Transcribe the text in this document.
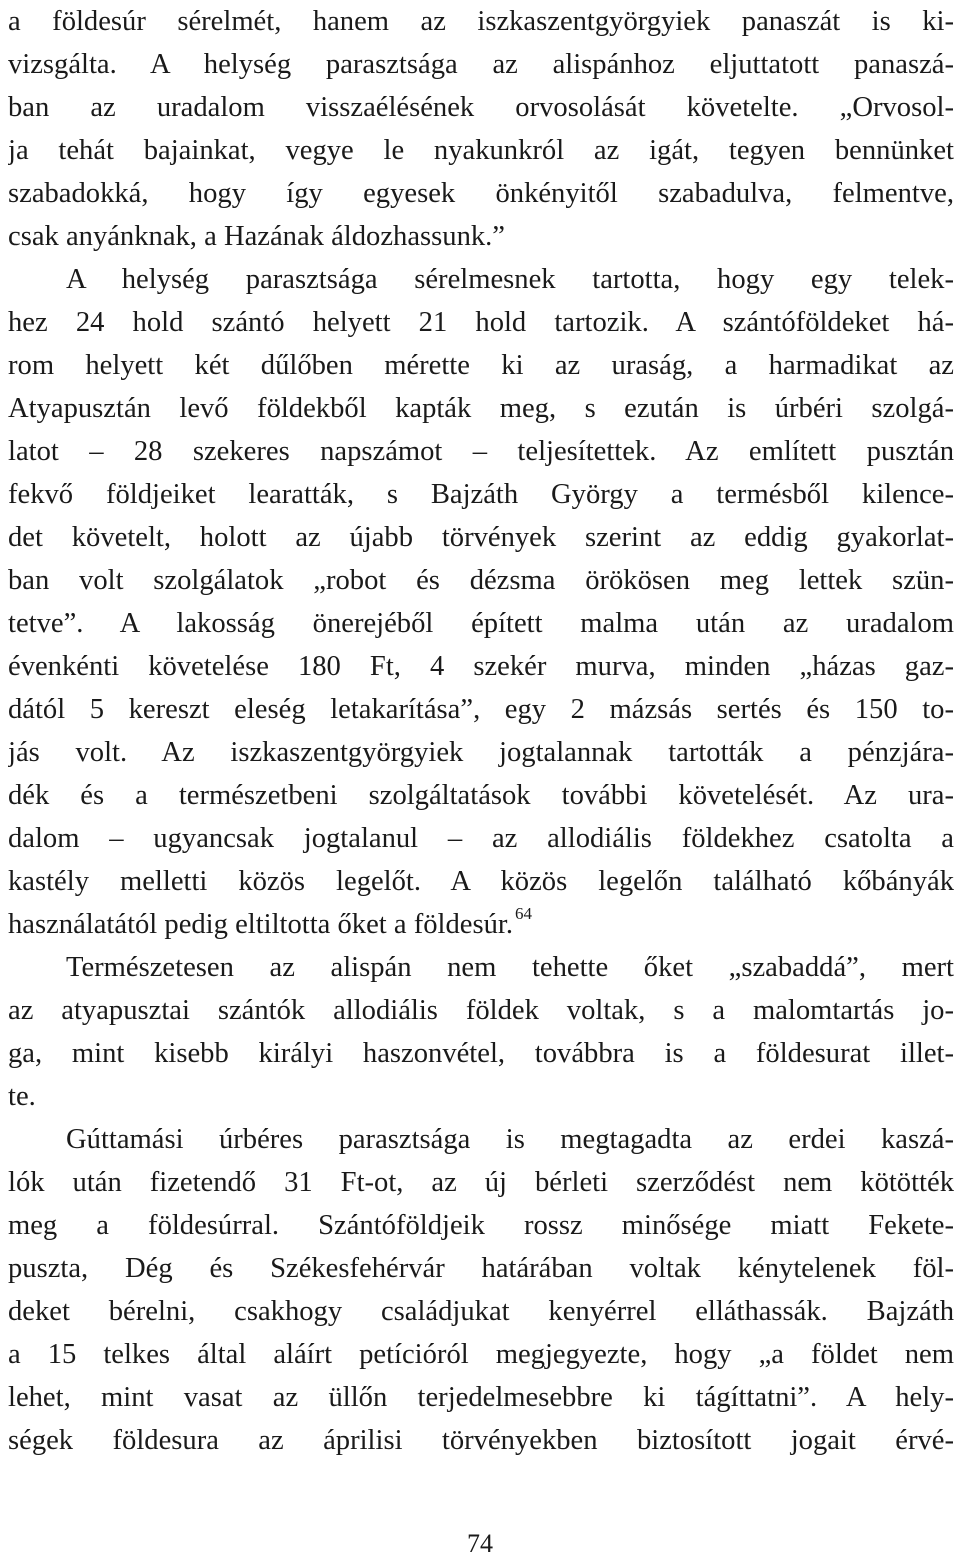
a földesúr sérelmét, hanem az iszkaszentgyörgyiek panaszát is ki-
vizsgálta. A helység parasztsága az alispánhoz eljuttatott panaszá-
ban az uradalom visszaélésének orvosolását követelte. „Orvosol-
ja tehát bajainkat, vegye le nyakunkról az igát, tegyen bennünket
szabadokká, hogy így egyesek önkényitől szabadulva, felmentve,
csak anyánknak, a Hazának áldozhassunk.”
A helység parasztsága sérelmesnek tartotta, hogy egy telek-
hez 24 hold szántó helyett 21 hold tartozik. A szántóföldeket há-
rom helyett két dűlőben mérette ki az uraság, a harmadikat az
Atyapusztán levő földekből kapták meg, s ezután is úrbéri szolgá-
latot – 28 szekeres napszámot – teljesítettek. Az említett pusztán
fekvő földjeiket learatták, s Bajzáth György a termésből kilence-
det követelt, holott az újabb törvények szerint az eddig gyakorlat-
ban volt szolgálatok „robot és dézsma örökösen meg lettek szün-
tetve”. A lakosság önerejéből épített malma után az uradalom
évenkénti követelése 180 Ft, 4 szekér murva, minden „házas gaz-
dától 5 kereszt eleség letakarítása”, egy 2 mázsás sertés és 150 to-
jás volt. Az iszkaszentgyörgyiek jogtalannak tartották a pénzjára-
dék és a természetbeni szolgáltatások további követelését. Az ura-
dalom – ugyancsak jogtalanul – az allodiális földekhez csatolta a
kastély melletti közös legelőt. A közös legelőn található kőbányák
használatától pedig eltiltotta őket a földesúr. $^{64}$
Természetesen az alispán nem tehette őket „szabaddá”, mert
az atyapusztai szántók allodiális földek voltak, s a malomtartás jo-
ga, mint kisebb királyi haszonvétel, továbbra is a földesurat illet-
te.
Gúttamási úrbéres parasztsága is megtagadta az erdei kaszá-
lók után fizetendő 31 Ft-ot, az új bérleti szerződést nem kötötték
meg a földesúrral. Szántóföldjeik rossz minősége miatt Fekete-
puszta, Dég és Székesfehérvár határában voltak kénytelenek föl-
deket bérelni, csakhogy családjukat kenyérrel elláthassák. Bajzáth
a 15 telkes által aláírt petícióról megjegyezte, hogy „a földet nem
lehet, mint vasat az üllőn terjedelmesebbre ki tágíttatni”. A hely-
ségek földesura az áprilisi törvényekben biztosított jogait érvé-
74
